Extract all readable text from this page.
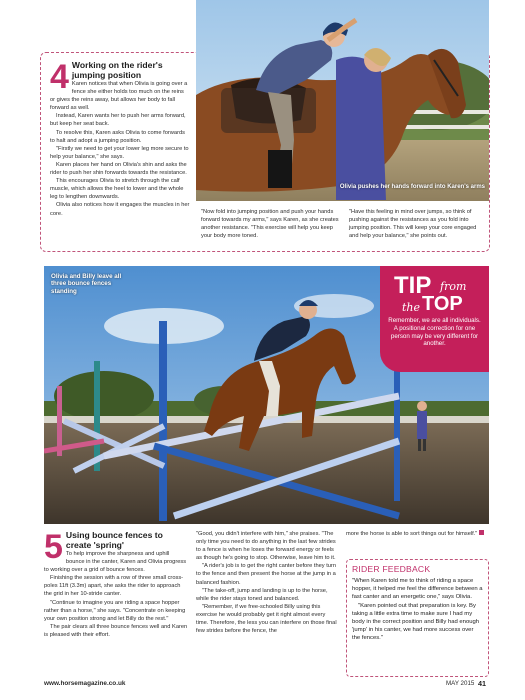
4 Working on the rider's jumping position

Karen notices that when Olivia is going over a fence she either holds too much on the reins or gives the reins away, but allows her body to fall forward as well.

Instead, Karen wants her to push her arms forward, but keep her seat back.

To resolve this, Karen asks Olivia to come forwards to halt and adopt a jumping position.

"Firstly we need to get your lower leg more secure to help your balance," she says.

Karen places her hand on Olivia's shin and asks the rider to push her shin forwards towards the resistance.

This encourages Olivia to stretch through the calf muscle, which allows the heel to lower and the whole leg to lengthen downwards.

Olivia also notices how it engages the muscles in her core.

Olivia pushes her hands forward into Karen's arms
"Now fold into jumping position and push your hands forward towards my arms," says Karen, as she creates another resistance. "This exercise will help you keep your body more toned.
"Have this feeling in mind over jumps, so think of pushing against the resistances as you fold into jumping position. This will keep your core engaged and help your balance," she points out.
Olivia and Billy leave all three bounce fences standing	TIP from
the TOP
Remember, we are all individuals. A positional correction for one person may be very different for another.
5 Using bounce fences to create 'spring'

To help improve the sharpness and uphill bounce in the canter, Karen and Olivia progress to working over a grid of bounce fences.

Finishing the session with a row of three small cross-poles 11ft (3.3m) apart, she asks the rider to approach the grid in her 10-stride canter.

"Continue to imagine you are riding a space hopper rather than a horse," she says. "Concentrate on keeping your own position strong and let Billy do the rest."

The pair clears all three bounce fences well and Karen is pleased with their effort.

"Good, you didn't interfere with him," she praises. "The only time you need to do anything in the last few strides to a fence is when he loses the forward energy or feels as though he's going to stop. Otherwise, leave him to it.

"A rider's job is to get the right canter before they turn to the fence and then present the horse at the jump in a balanced fashion.

"The take-off, jump and landing is up to the horse, while the rider stays toned and balanced.

"Remember, if we free-schooled Billy using this exercise he would probably get it right almost every time. Therefore, the less you can interfere on those final few strides before the fence, the

more the horse is able to sort things out for himself."
RIDER FEEDBACK

"When Karen told me to think of riding a space hopper, it helped me feel the difference between a fast canter and an energetic one," says Olivia.

"Karen pointed out that preparation is key. By taking a little extra time to make sure I had my body in the correct position and Billy had enough 'jump' in his canter, we had more success over the fences."

www.horsemagazine.co.uk	MAY 2015 41
